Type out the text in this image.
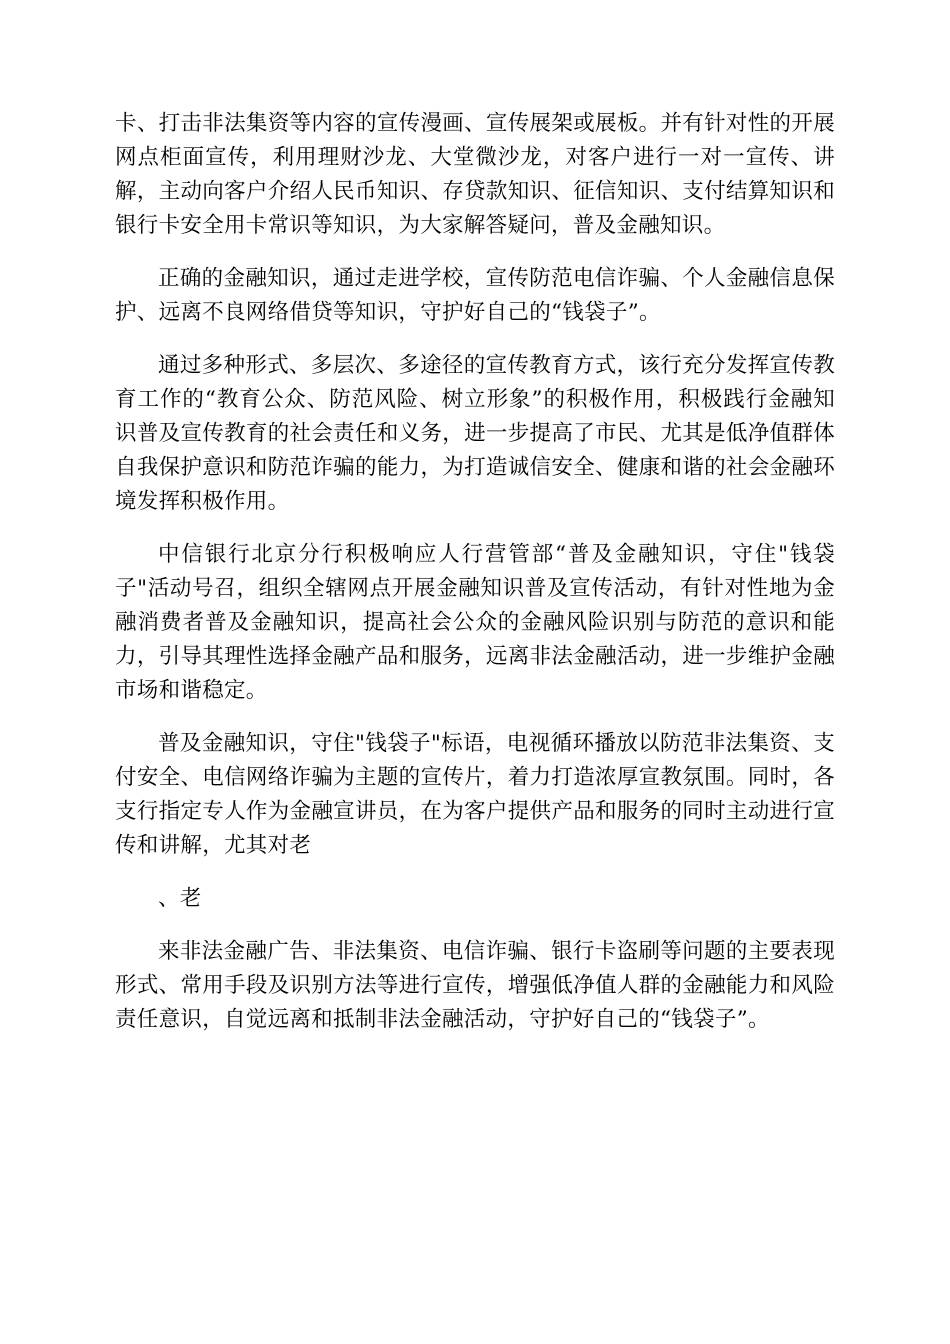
卡、打击非法集资等内容的宣传漫画、宣传展架或展板。并有针对性的开展网点柜面宣传，利用理财沙龙、大堂微沙龙，对客户进行一对一宣传、讲解，主动向客户介绍人民币知识、存贷款知识、征信知识、支付结算知识和银行卡安全用卡常识等知识，为大家解答疑问，普及金融知识。

正确的金融知识，通过走进学校，宣传防范电信诈骗、个人金融信息保护、远离不良网络借贷等知识，守护好自己的“钱袋子”。

通过多种形式、多层次、多途径的宣传教育方式，该行充分发挥宣传教育工作的“教育公众、防范风险、树立形象”的积极作用，积极践行金融知识普及宣传教育的社会责任和义务，进一步提高了市民、尤其是低净值群体自我保护意识和防范诈骗的能力，为打造诚信安全、健康和谐的社会金融环境发挥积极作用。

中信银行北京分行积极响应人行营管部“普及金融知识，守住"钱袋子"活动号召，组织全辖网点开展金融知识普及宣传活动，有针对性地为金融消费者普及金融知识，提高社会公众的金融风险识别与防范的意识和能力，引导其理性选择金融产品和服务，远离非法金融活动，进一步维护金融市场和谐稳定。

普及金融知识，守住"钱袋子"标语，电视循环播放以防范非法集资、支付安全、电信网络诈骗为主题的宣传片，着力打造浓厚宣教氛围。同时，各支行指定专人作为金融宣讲员，在为客户提供产品和服务的同时主动进行宣传和讲解，尤其对老

、老

来非法金融广告、非法集资、电信诈骗、银行卡盗刷等问题的主要表现形式、常用手段及识别方法等进行宣传，增强低净值人群的金融能力和风险责任意识，自觉远离和抵制非法金融活动，守护好自己的“钱袋子”。
